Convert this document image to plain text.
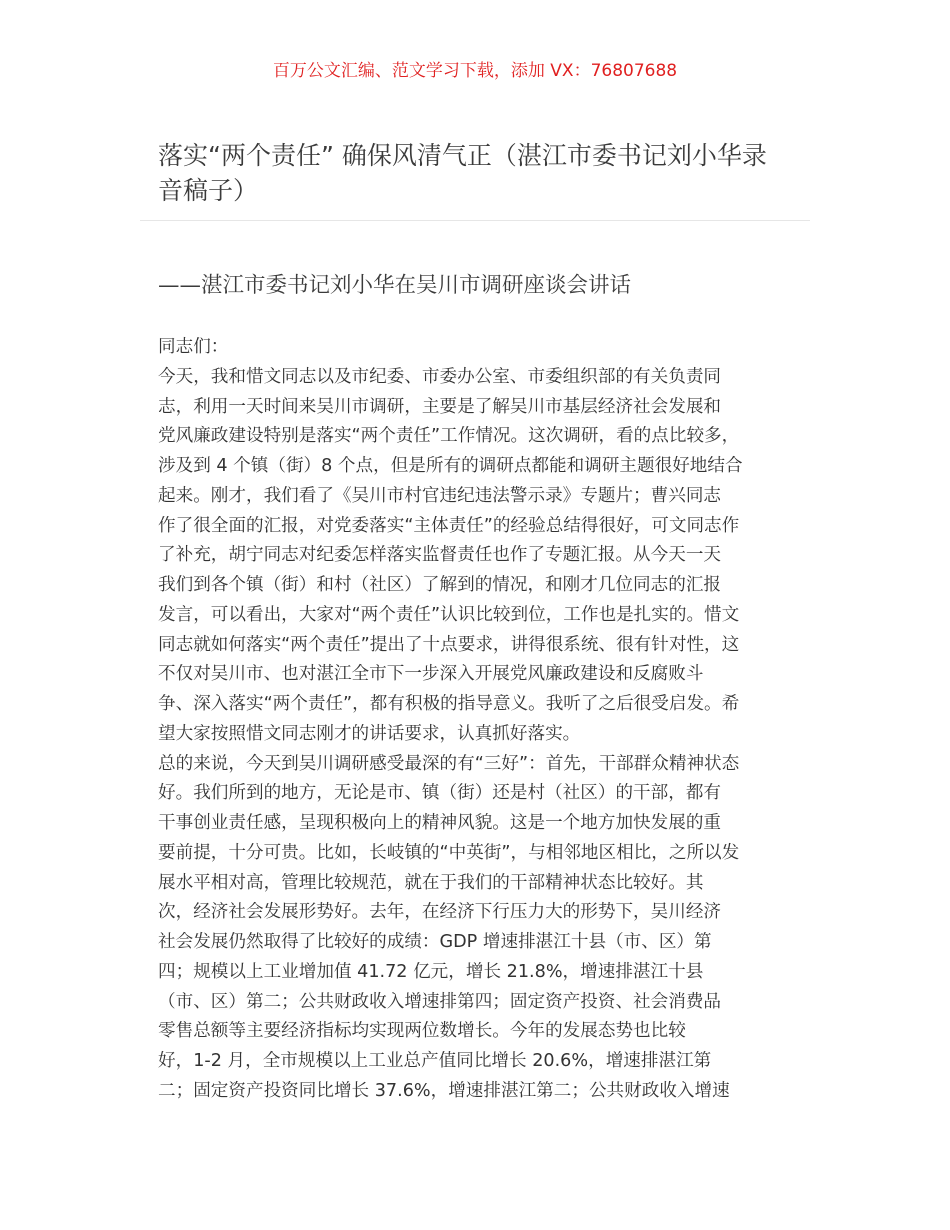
百万公文汇编、范文学习下载，添加 VX：76807688
落实“两个责任” 确保风清气正（湛江市委书记刘小华录
音稿子）
——湛江市委书记刘小华在吴川市调研座谈会讲话
同志们：
今天，我和惜文同志以及市纪委、市委办公室、市委组织部的有关负责同
志，利用一天时间来吴川市调研，主要是了解吴川市基层经济社会发展和
党风廉政建设特别是落实“两个责任”工作情况。这次调研，看的点比较多，
涉及到 4 个镇（街）8 个点，但是所有的调研点都能和调研主题很好地结合
起来。刚才，我们看了《吴川市村官违纪违法警示录》专题片；曹兴同志
作了很全面的汇报，对党委落实“主体责任”的经验总结得很好，可文同志作
了补充，胡宁同志对纪委怎样落实监督责任也作了专题汇报。从今天一天
我们到各个镇（街）和村（社区）了解到的情况，和刚才几位同志的汇报
发言，可以看出，大家对“两个责任”认识比较到位，工作也是扎实的。惜文
同志就如何落实“两个责任”提出了十点要求，讲得很系统、很有针对性，这
不仅对吴川市、也对湛江全市下一步深入开展党风廉政建设和反腐败斗
争、深入落实“两个责任”，都有积极的指导意义。我听了之后很受启发。希
望大家按照惜文同志刚才的讲话要求，认真抓好落实。
总的来说，今天到吴川调研感受最深的有“三好”：首先，干部群众精神状态
好。我们所到的地方，无论是市、镇（街）还是村（社区）的干部，都有
干事创业责任感，呈现积极向上的精神风貌。这是一个地方加快发展的重
要前提，十分可贵。比如，长岐镇的“中英街”，与相邻地区相比，之所以发
展水平相对高，管理比较规范，就在于我们的干部精神状态比较好。其
次，经济社会发展形势好。去年，在经济下行压力大的形势下，吴川经济
社会发展仍然取得了比较好的成绩：GDP 增速排湛江十县（市、区）第
四；规模以上工业增加值 41.72 亿元，增长 21.8%，增速排湛江十县
（市、区）第二；公共财政收入增速排第四；固定资产投资、社会消费品
零售总额等主要经济指标均实现两位数增长。今年的发展态势也比较
好，1-2 月，全市规模以上工业总产值同比增长 20.6%，增速排湛江第
二；固定资产投资同比增长 37.6%，增速排湛江第二；公共财政收入增速
